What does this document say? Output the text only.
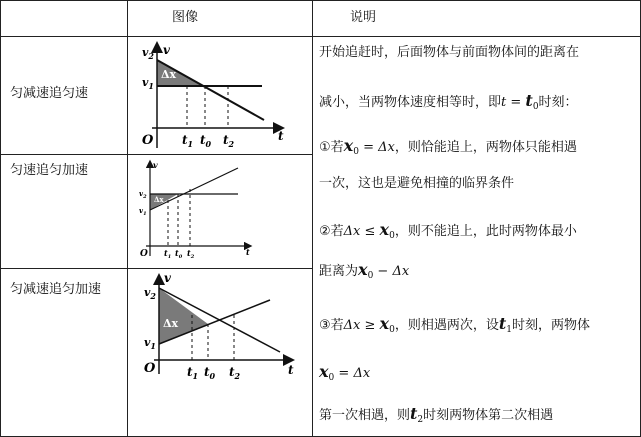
图像	说明
匀减速追匀速
匀速追匀加速
匀减速追匀加速
v
t
O
$v_2$
$v_1$
Δx
$t_1$ $t_0$ $t_2$
v
t
O
$v_2$
$v_1$
Δx
$t_1$ $t_0$ $t_2$
v
t
O
$v_2$
$v_1$
Δx
$t_1$ $t_0$ $t_2$
开始追赶时，后面物体与前面物体间的距离在
减小，当两物体速度相等时，即$t = t_0$时刻：
①若$x_0 = \Delta x$，则恰能追上，两物体只能相遇
一次，这也是避免相撞的临界条件
②若$\Delta x \le x_0$，则不能追上，此时两物体最小
距离为$x_0 - \Delta x$
③若$\Delta x \ge x_0$，则相遇两次，设$t_1$时刻，两物体
$x_0 = \Delta x$
第一次相遇，则$t_2$时刻两物体第二次相遇
